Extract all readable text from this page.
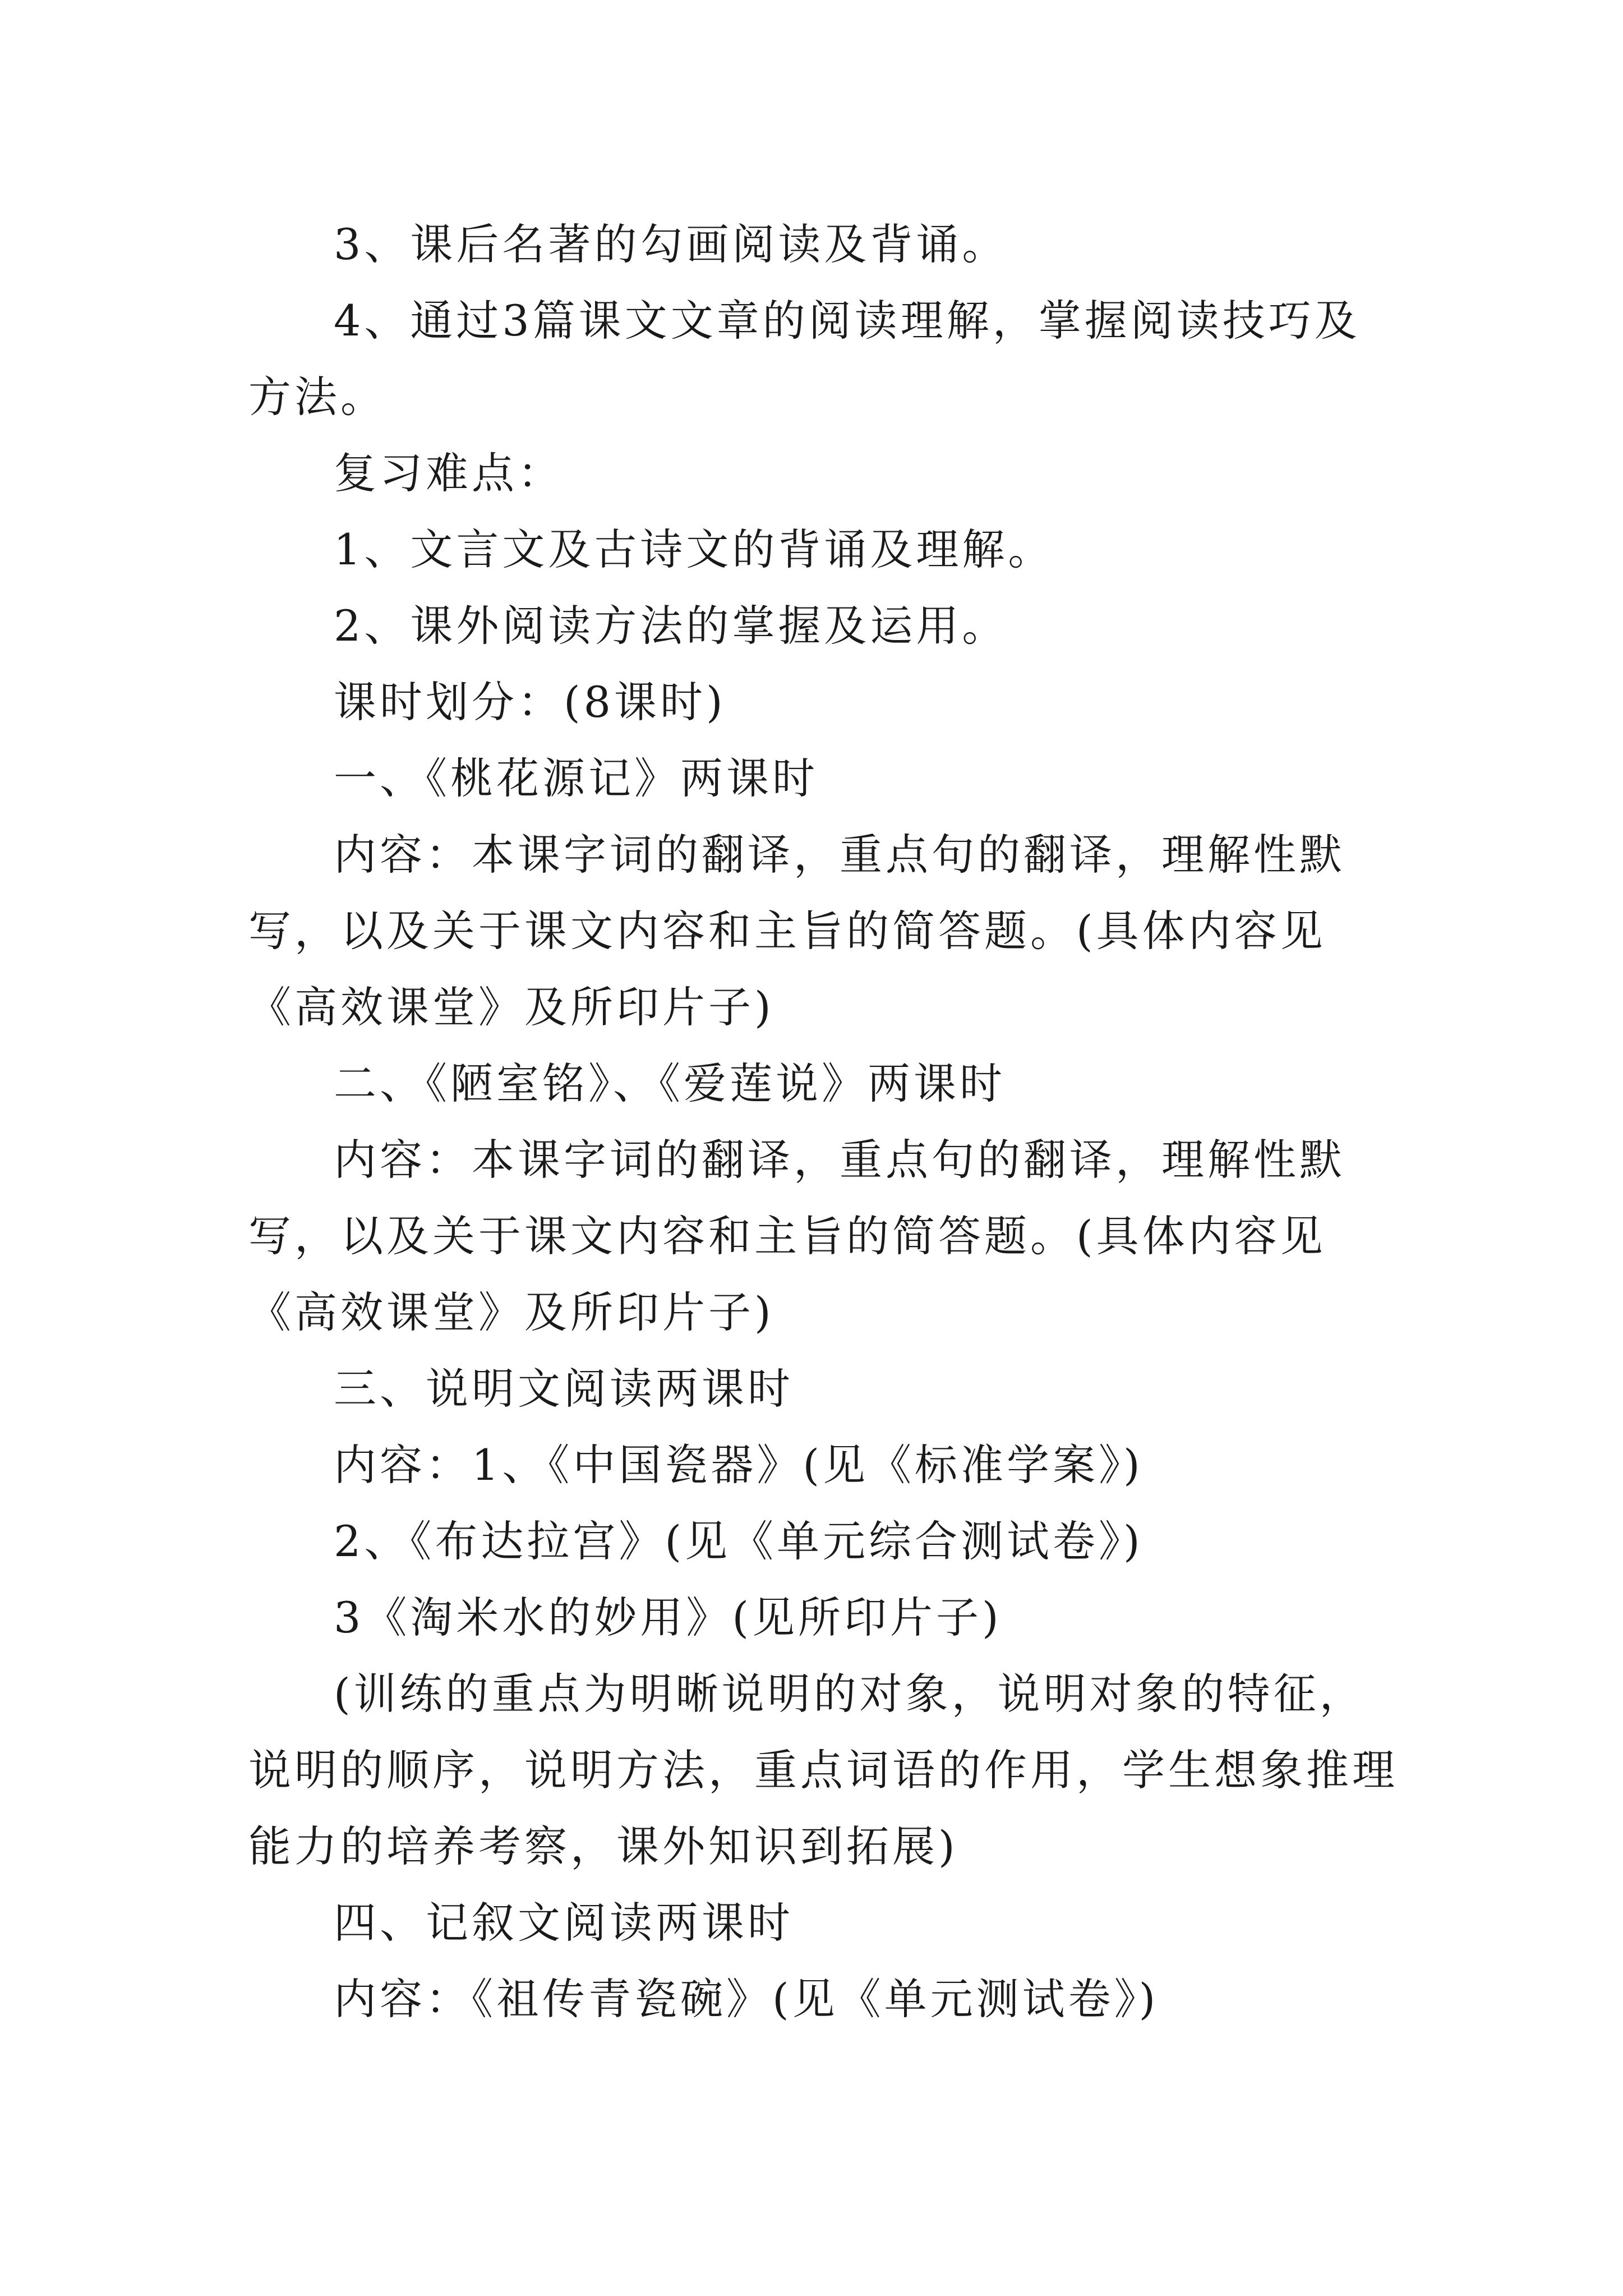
3、课后名著的勾画阅读及背诵。

4、通过3篇课文文章的阅读理解，掌握阅读技巧及方法。

复习难点：

1、文言文及古诗文的背诵及理解。

2、课外阅读方法的掌握及运用。

课时划分：(8课时)

一、《桃花源记》两课时

内容：本课字词的翻译，重点句的翻译，理解性默写，以及关于课文内容和主旨的简答题。(具体内容见《高效课堂》及所印片子)

二、《陋室铭》、《爱莲说》两课时

内容：本课字词的翻译，重点句的翻译，理解性默写，以及关于课文内容和主旨的简答题。(具体内容见《高效课堂》及所印片子)

三、说明文阅读两课时

内容：1、《中国瓷器》(见《标准学案》)

2、《布达拉宫》(见《单元综合测试卷》)

3《淘米水的妙用》(见所印片子)

(训练的重点为明晰说明的对象，说明对象的特征，说明的顺序，说明方法，重点词语的作用，学生想象推理能力的培养考察，课外知识到拓展)

四、记叙文阅读两课时

内容：《祖传青瓷碗》(见《单元测试卷》)
